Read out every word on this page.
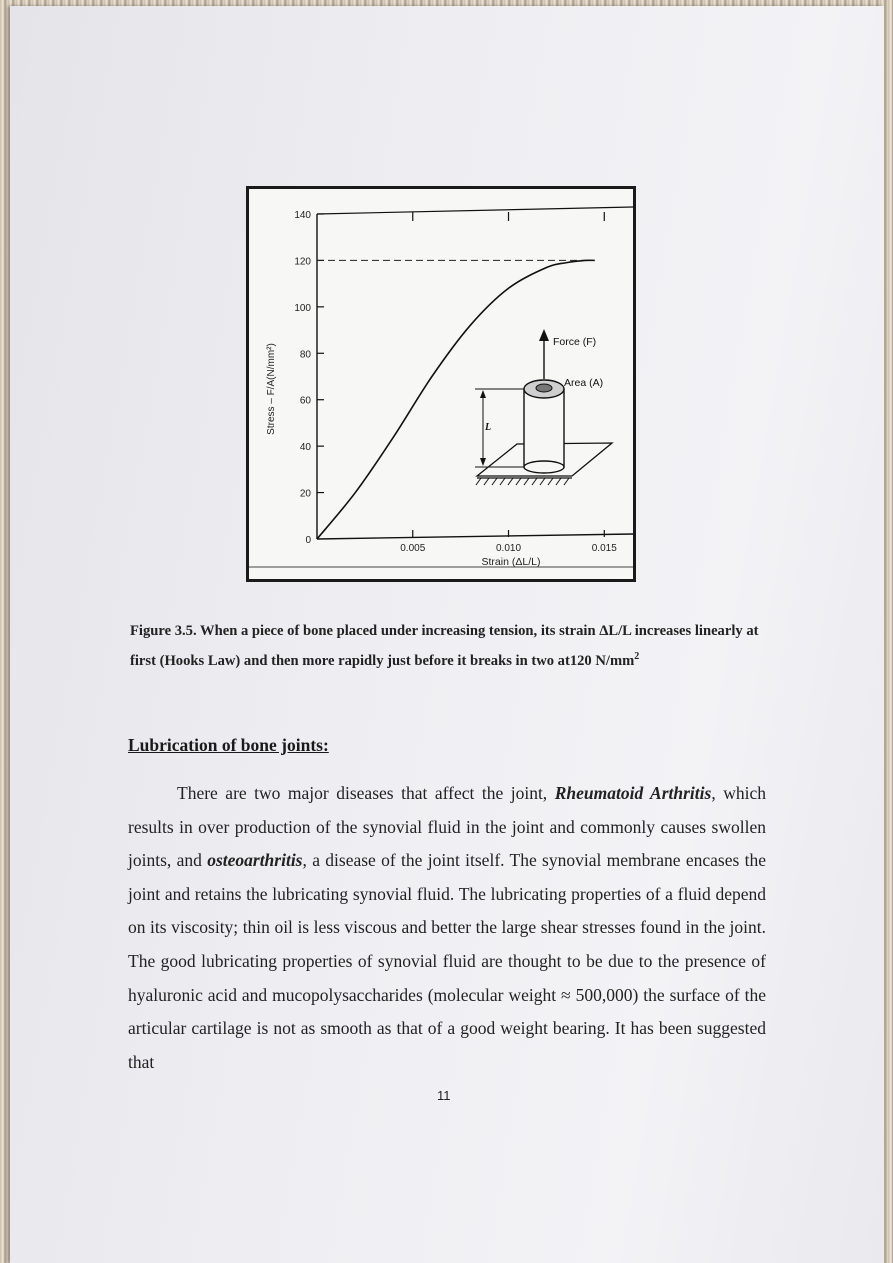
0
20
40
60
80
100
120
140
0.005	0.010	0.015
Stress – F/A(N/mm²)
Strain (ΔL/L)
Force (F)
Area (A)
L
Figure 3.5. When a piece of bone placed under increasing tension, its strain ΔL/L increases linearly at first (Hooks Law) and then more rapidly just before it breaks in two at120 $N/mm^2$
Lubrication of bone joints:

There are two major diseases that affect the joint, Rheumatoid Arthritis, which results in over production of the synovial fluid in the joint and commonly causes swollen joints, and osteoarthritis, a disease of the joint itself. The synovial membrane encases the joint and retains the lubricating synovial fluid. The lubricating properties of a fluid depend on its viscosity; thin oil is less viscous and better the large shear stresses found in the joint. The good lubricating properties of synovial fluid are thought to be due to the presence of hyaluronic acid and mucopolysaccharides (molecular weight ≈ 500,000) the surface of the articular cartilage is not as smooth as that of a good weight bearing. It has been suggested that

11
